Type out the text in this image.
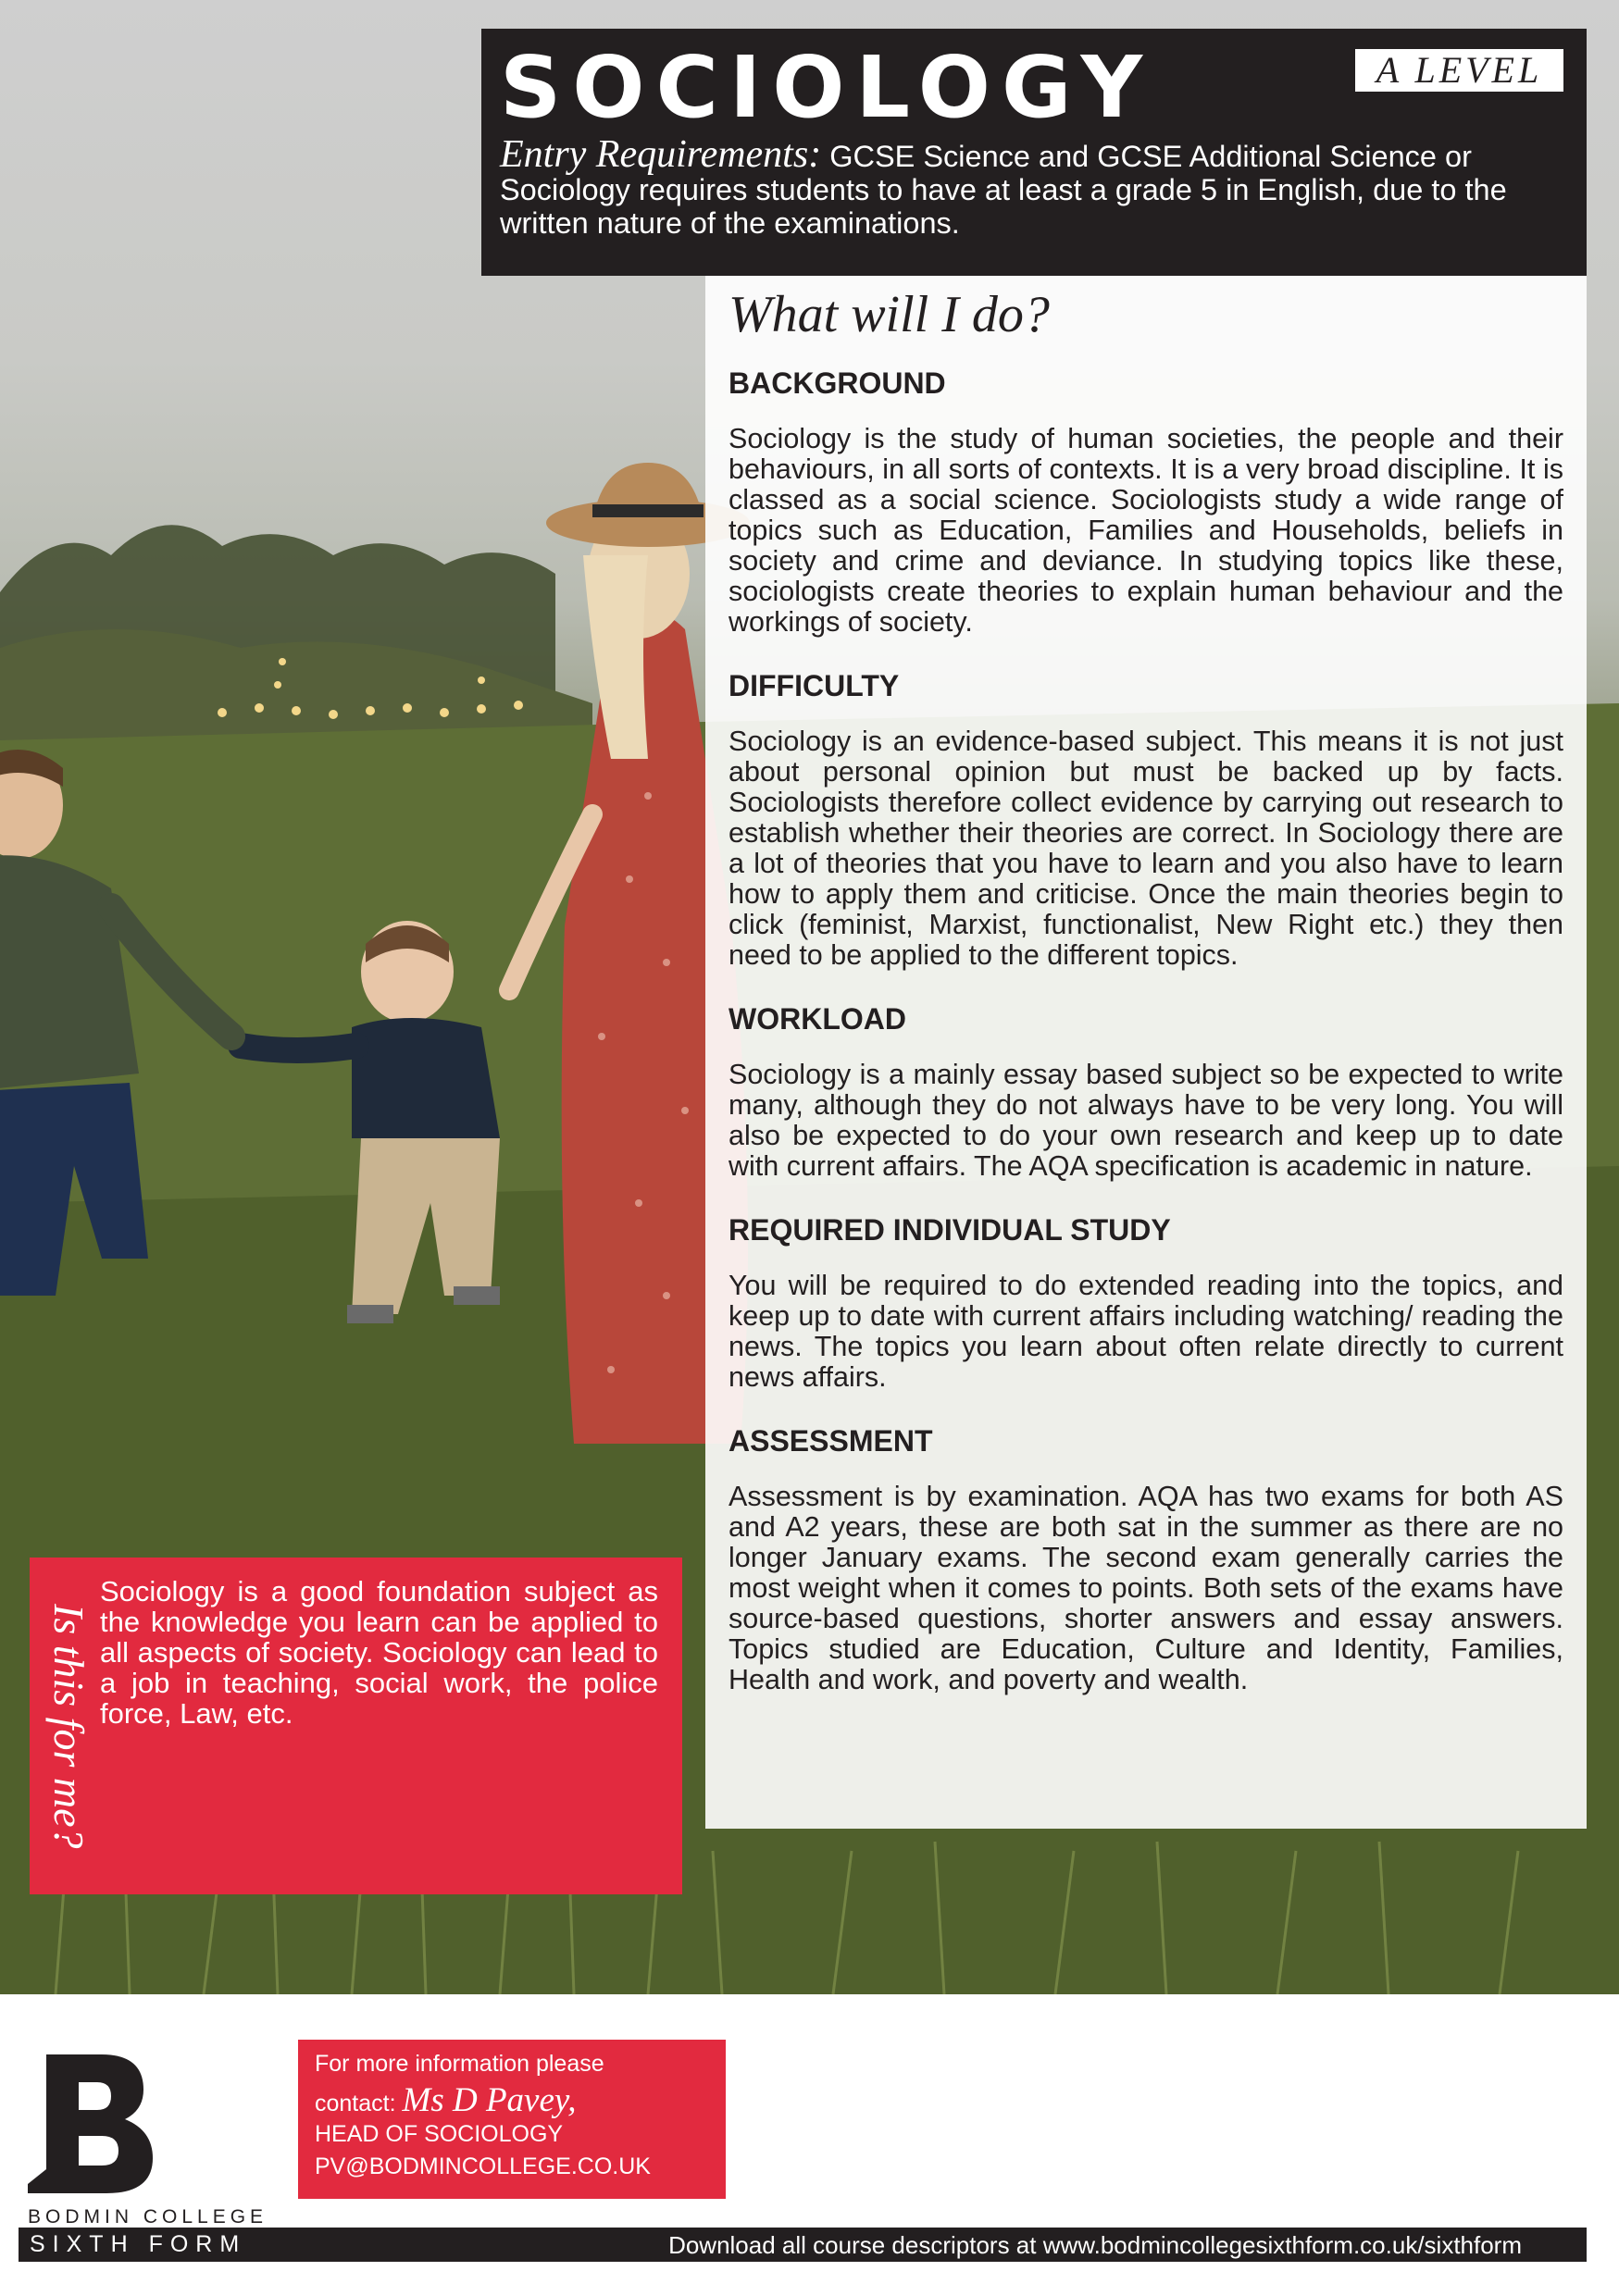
SOCIOLOGY	A LEVEL
Entry Requirements: GCSE Science and GCSE Additional Science or Sociology requires students to have at least a grade 5 in English, due to the written nature of the examinations.
What will I do?
BACKGROUND

Sociology is the study of human societies, the people and their behaviours, in all sorts of contexts. It is a very broad discipline. It is classed as a social science. Sociologists study a wide range of topics such as Education, Families and Households, beliefs in society and crime and deviance. In studying topics like these, sociologists create theories to explain human behaviour and the workings of society.

DIFFICULTY

Sociology is an evidence-based subject. This means it is not just about personal opinion but must be backed up by facts. Sociologists therefore collect evidence by carrying out research to establish whether their theories are correct. In Sociology there are a lot of theories that you have to learn and you also have to learn how to apply them and criticise. Once the main theories begin to click (feminist, Marxist, functionalist, New Right etc.) they then need to be applied to the different topics.

WORKLOAD

Sociology is a mainly essay based subject so be expected to write many, although they do not always have to be very long. You will also be expected to do your own research and keep up to date with current affairs. The AQA specification is academic in nature.

REQUIRED INDIVIDUAL STUDY

You will be required to do extended reading into the topics, and keep up to date with current affairs including watching/ reading the news. The topics you learn about often relate directly to current news affairs.

ASSESSMENT

Assessment is by examination. AQA has two exams for both AS and A2 years, these are both sat in the summer as there are no longer January exams. The second exam generally carries the most weight when it comes to points. Both sets of the exams have source-based questions, shorter answers and essay answers. Topics studied are Education, Culture and Identity, Families, Health and work, and poverty and wealth.

Is this for me?
Sociology is a good foundation subject as the knowledge you learn can be applied to all aspects of society. Sociology can lead to a job in teaching, social work, the police force, Law, etc.
BODMIN COLLEGE
For more information please
contact: Ms D Pavey,
HEAD OF SOCIOLOGY
PV@BODMINCOLLEGE.CO.UK
SIXTH FORM	Download all course descriptors at www.bodmincollegesixthform.co.uk/sixthform
